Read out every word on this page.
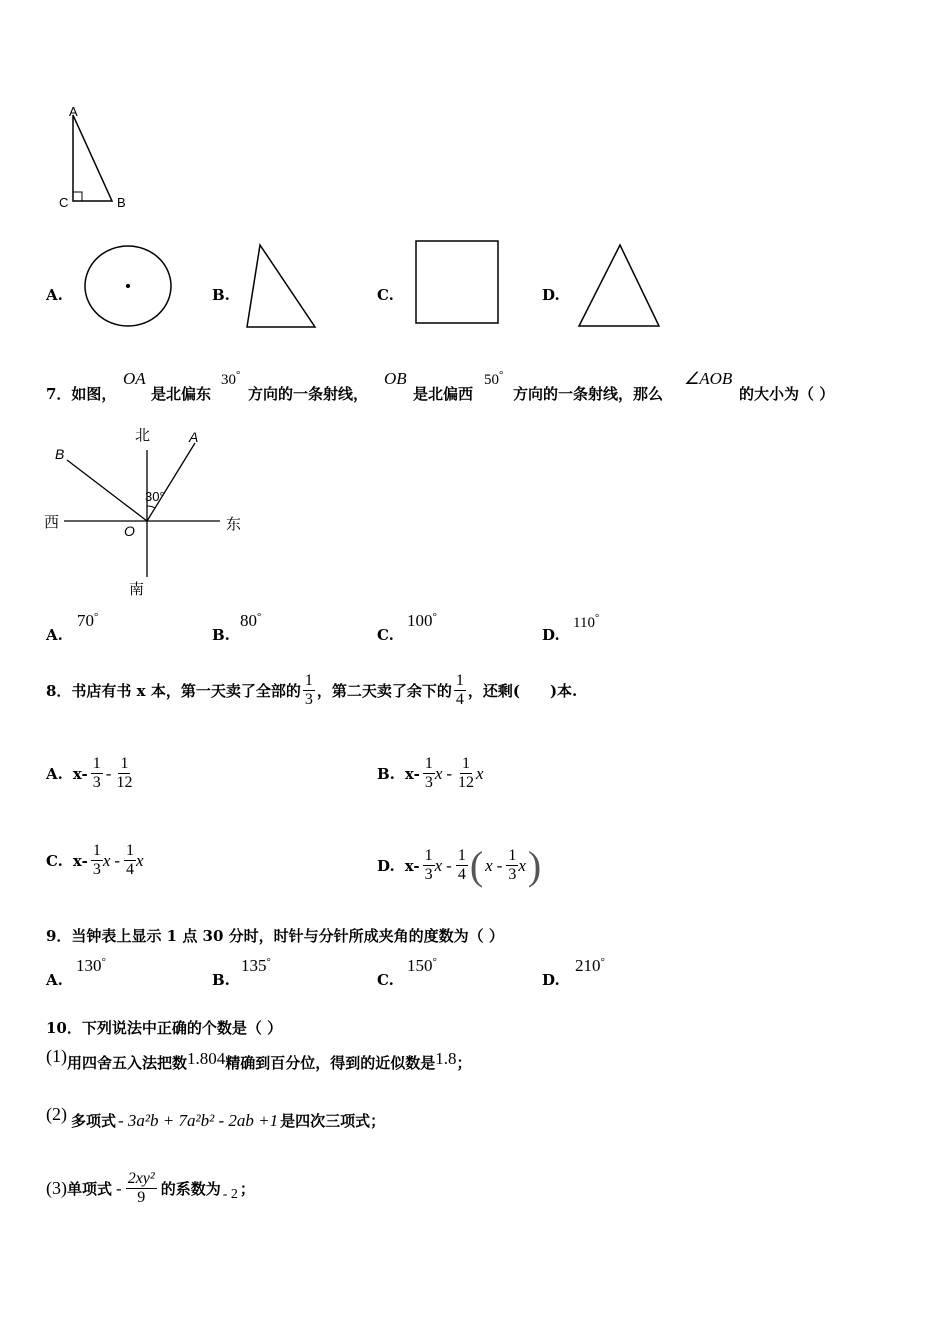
A
C	B
A.	B.	C.	D.
7．如图，
OA
是北偏东
30°
方向的一条射线，
OB
是北偏西
50°
方向的一条射线，那么
∠AOB
的大小为（ ）
北
南
西	东
A
B
O
30°
A.
70°
B.
80°
C.
100°
D.
110°
8．书店有书 x 本，第一天卖了全部的 $\frac{1}{3}$ ，第二天卖了余下的 $\frac{1}{4}$ ，还剩(　　)本.
A. $x- \frac{1}{3} - \frac{1}{12}$	B. $x- \frac{1}{3}$ x - $\frac{1}{12}$ x
C. $x- \frac{1}{3}$ x - $\frac{1}{4}$ x	D. $x- \frac{1}{3}$ x - $\frac{1}{4}$ ( x - $\frac{1}{3}$ x )
9．当钟表上显示 1 点 30 分时，时针与分针所成夹角的度数为（ ）
A.
130°
B.
135°
C.
150°
D.
210°
10．下列说法中正确的个数是（ ）
(1) 用四舍五入法把数 1.804 精确到百分位，得到的近似数是 1.8 ；
(2) 多项式 - 3a²b + 7a²b² - 2ab +1 是四次三项式；
(3) 单项式 - $\frac{\text{2xy²}}{9}$ 的系数为 - 2 ；
